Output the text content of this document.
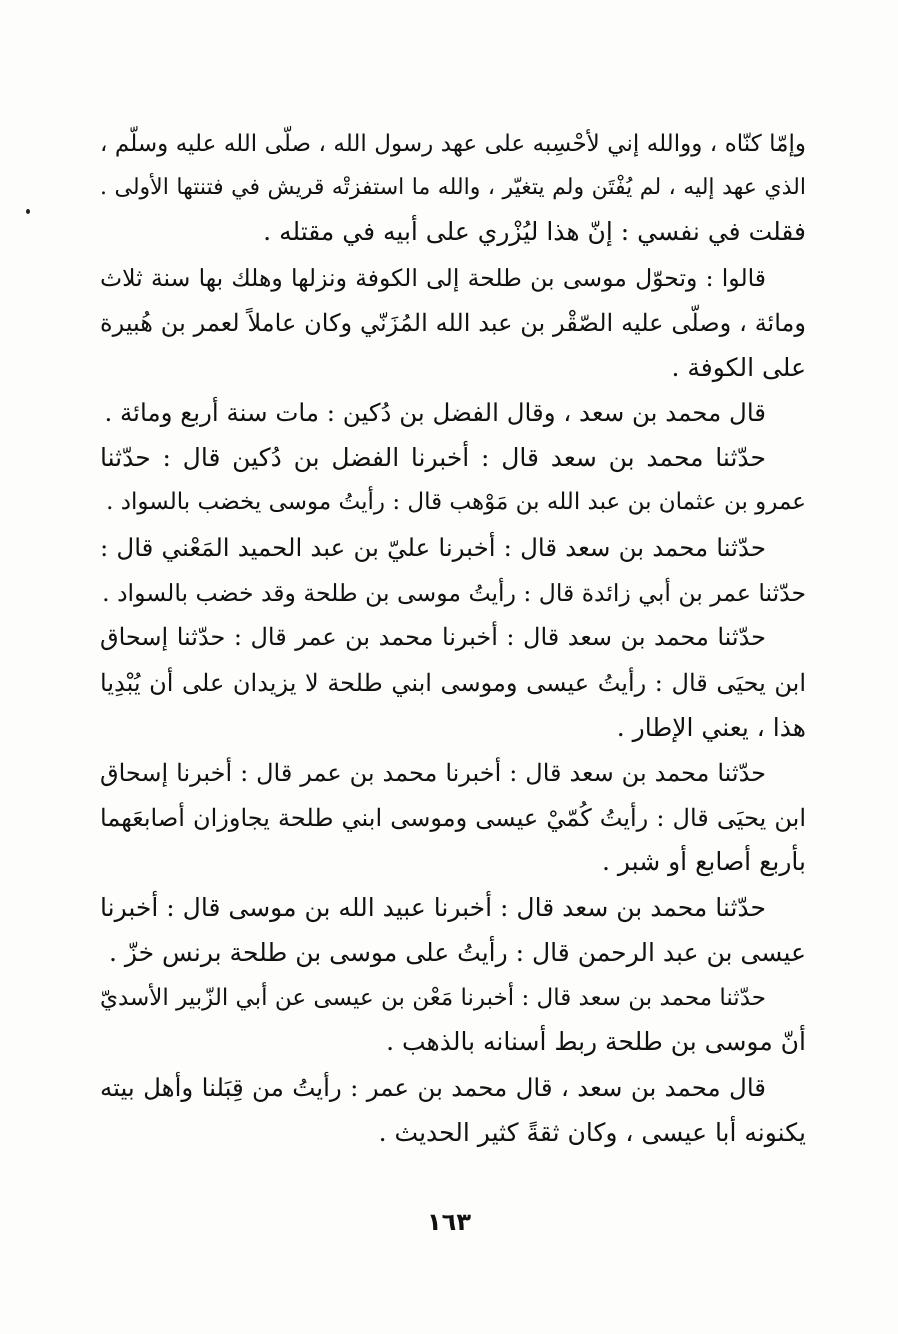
وإمّا كنّاه ، ووالله إني لأحْسِبه على عهد رسول الله ، صلّى الله عليه وسلّم ،
الذي عهد إليه ، لم يُفْتَن ولم يتغيّر ، والله ما استفزتْه قريش في فتنتها الأولى .
فقلت في نفسي : إنّ هذا ليُزْري على أبيه في مقتله .
قالوا : وتحوّل موسى بن طلحة إلى الكوفة ونزلها وهلك بها سنة ثلاث
ومائة ، وصلّى عليه الصّقْر بن عبد الله المُزَنّي وكان عاملاً لعمر بن هُبيرة
على الكوفة .
قال محمد بن سعد ، وقال الفضل بن دُكين : مات سنة أربع ومائة .
حدّثنا محمد بن سعد قال : أخبرنا الفضل بن دُكين قال : حدّثنا
عمرو بن عثمان بن عبد الله بن مَوْهب قال : رأيتُ موسى يخضب بالسواد .
حدّثنا محمد بن سعد قال : أخبرنا عليّ بن عبد الحميد المَعْني قال :
حدّثنا عمر بن أبي زائدة قال : رأيتُ موسى بن طلحة وقد خضب بالسواد .
حدّثنا محمد بن سعد قال : أخبرنا محمد بن عمر قال : حدّثنا إسحاق
ابن يحيَى قال : رأيتُ عيسى وموسى ابني طلحة لا يزيدان على أن يُبْدِيا
هذا ، يعني الإطار .
حدّثنا محمد بن سعد قال : أخبرنا محمد بن عمر قال : أخبرنا إسحاق
ابن يحيَى قال : رأيتُ كُمّيْ عيسى وموسى ابني طلحة يجاوزان أصابعَهما
بأربع أصابع أو شبر .
حدّثنا محمد بن سعد قال : أخبرنا عبيد الله بن موسى قال : أخبرنا
عيسى بن عبد الرحمن قال : رأيتُ على موسى بن طلحة برنس خزّ .
حدّثنا محمد بن سعد قال : أخبرنا مَعْن بن عيسى عن أبي الزّبير الأسديّ
أنّ موسى بن طلحة ربط أسنانه بالذهب .
قال محمد بن سعد ، قال محمد بن عمر : رأيتُ من قِبَلنا وأهل بيته
يكنونه أبا عيسى ، وكان ثقةً كثير الحديث .
١٦٣
